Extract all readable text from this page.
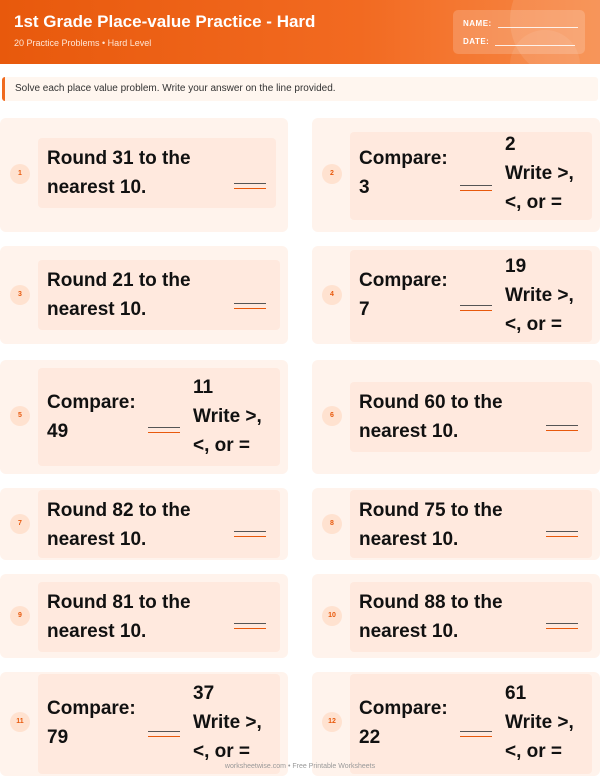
1st Grade Place-value Practice - Hard
20 Practice Problems • Hard Level
NAME:
DATE:
Solve each place value problem. Write your answer on the line provided.
1
Round 31 to the
nearest 10.
2
Compare:
3
2
Write >,
<, or =
3
Round 21 to the
nearest 10.
4
Compare:
7
19
Write >,
<, or =
5
Compare:
49
11
Write >,
<, or =
6
Round 60 to the
nearest 10.
7
Round 82 to the
nearest 10.
8
Round 75 to the
nearest 10.
9
Round 81 to the
nearest 10.
10
Round 88 to the
nearest 10.
11
Compare:
79
37
Write >,
<, or =
12
Compare:
22
61
Write >,
<, or =
worksheetwise.com • Free Printable Worksheets
